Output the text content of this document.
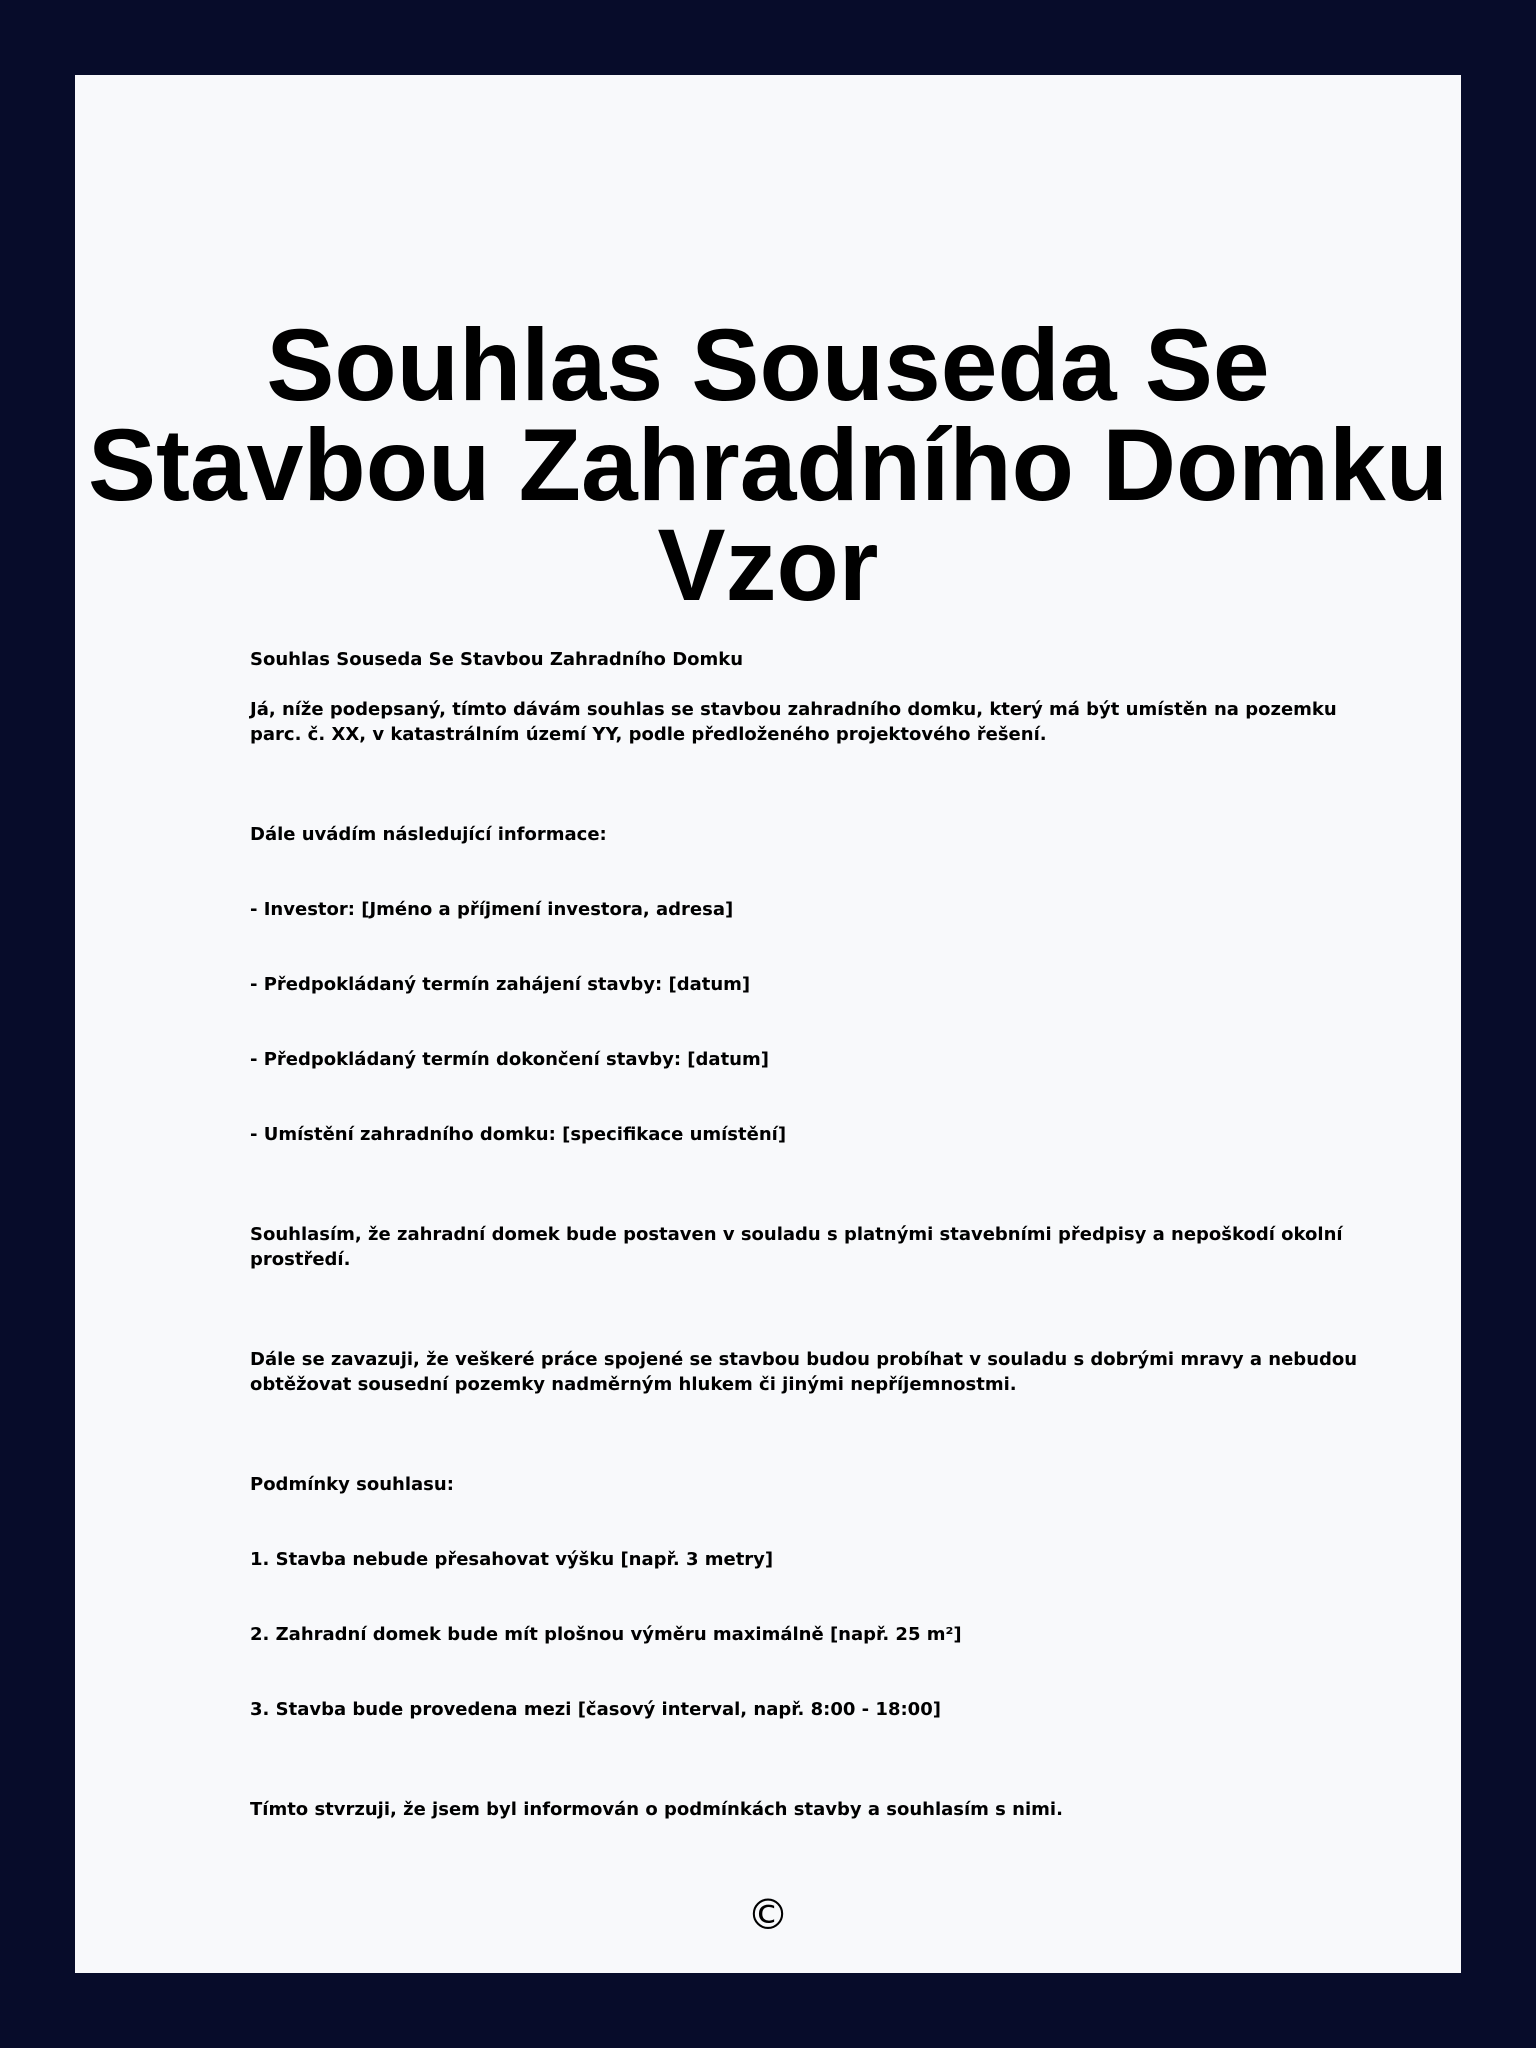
Souhlas Souseda Se
Stavbou Zahradního Domku
Vzor

Souhlas Souseda Se Stavbou Zahradního Domku

Já, níže podepsaný, tímto dávám souhlas se stavbou zahradního domku, který má být umístěn na pozemku parc. č. XX, v katastrálním území YY, podle předloženého projektového řešení.

Dále uvádím následující informace:

- Investor: [Jméno a příjmení investora, adresa]

- Předpokládaný termín zahájení stavby: [datum]

- Předpokládaný termín dokončení stavby: [datum]

- Umístění zahradního domku: [specifikace umístění]

Souhlasím, že zahradní domek bude postaven v souladu s platnými stavebními předpisy a nepoškodí okolní prostředí.

Dále se zavazuji, že veškeré práce spojené se stavbou budou probíhat v souladu s dobrými mravy a nebudou obtěžovat sousední pozemky nadměrným hlukem či jinými nepříjemnostmi.

Podmínky souhlasu:

1. Stavba nebude přesahovat výšku [např. 3 metry]

2. Zahradní domek bude mít plošnou výměru maximálně [např. 25 m²]

3. Stavba bude provedena mezi [časový interval, např. 8:00 - 18:00]

Tímto stvrzuji, že jsem byl informován o podmínkách stavby a souhlasím s nimi.

©
